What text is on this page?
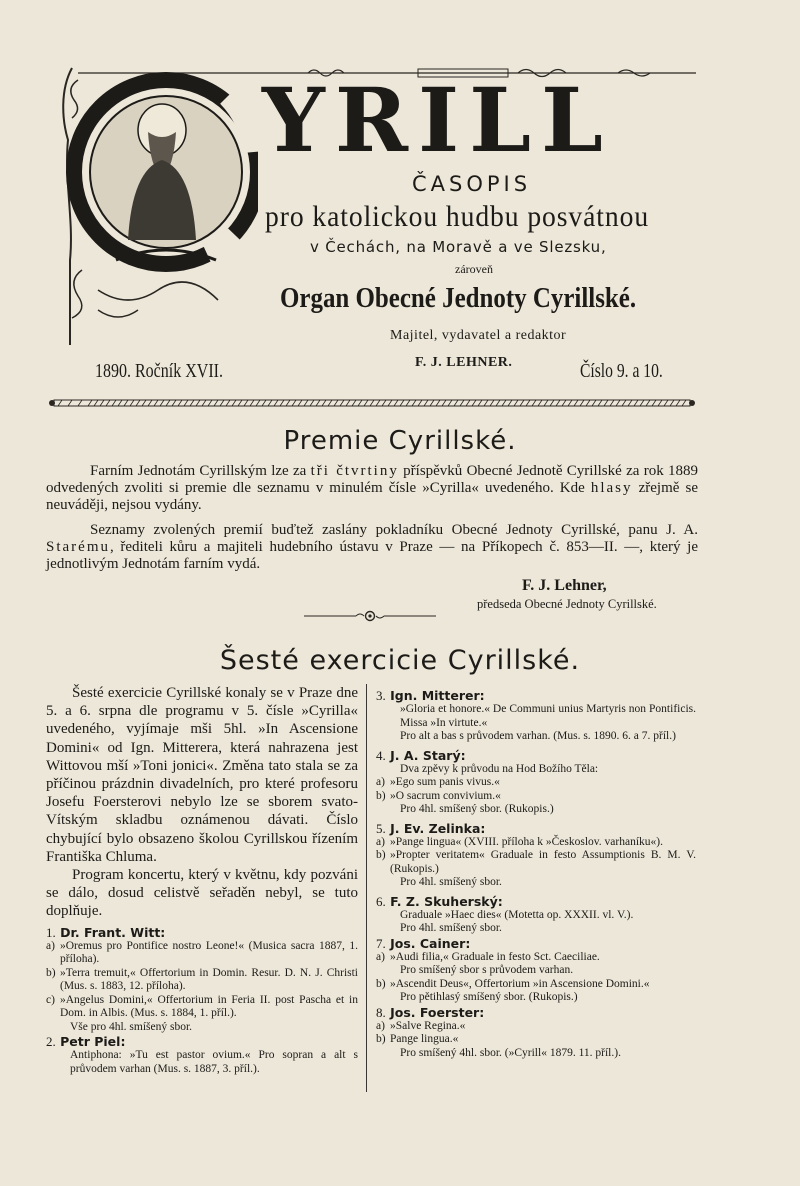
YRILL
ČASOPIS
pro katolickou hudbu posvátnou
v Čechách, na Moravě a ve Slezsku,
zároveň
Organ Obecné Jednoty Cyrillské.
Majitel, vydavatel a redaktor
1890. Ročník XVII.	F. J. LEHNER.	Číslo 9. a 10.
Premie Cyrillské.

Farním Jednotám Cyrillským lze za tři čtvrtiny příspěvků Obecné Jednotě Cyrillské za rok 1889 odvedených zvoliti si premie dle seznamu v minulém čísle »Cyrilla« uvedeného. Kde hlasy zřejmě se neuváději, nejsou vydány.

Seznamy zvolených premií buďtež zaslány pokladníku Obecné Jednoty Cyrillské, panu J. A. Starému, řediteli kůru a majiteli hudebního ústavu v Praze — na Příkopech č. 853—II. —, který je jednotlivým Jednotám farním vydá.

F. J. Lehner,
předseda Obecné Jednoty Cyrillské.
Šesté exercicie Cyrillské.

Šesté exercicie Cyrillské konaly se v Praze dne 5. a 6. srpna dle programu v 5. čísle »Cyrilla« uvedeného, vyjímaje mši 5hl. »In Ascensione Domini« od Ign. Mitterera, která nahrazena jest Wittovou mší »Toni jonici«. Změna tato stala se za příčinou prázdnin divadelních, pro které profesoru Josefu Foersterovi nebylo lze se sborem svato-Vítským skladbu oznámenou dávati. Číslo chybující bylo obsazeno školou Cyrillskou řízením Františka Chluma.

Program koncertu, který v květnu, kdy pozváni se dálo, dosud celistvě seřaděn nebyl, se tuto doplňuje.

1. Dr. Frant. Witt:
a) »Oremus pro Pontifice nostro Leone!« (Musica sacra 1887, 1. příloha).
b) »Terra tremuit,« Offertorium in Domin. Resur. D. N. J. Christi (Mus. s. 1883, 12. příloha).
c) »Angelus Domini,« Offertorium in Feria II. post Pascha et in Dom. in Albis. (Mus. s. 1884, 1. příl.).
Vše pro 4hl. smíšený sbor.
2. Petr Piel:
Antiphona: »Tu est pastor ovium.« Pro sopran a alt s průvodem varhan (Mus. s. 1887, 3. příl.).
3. Ign. Mitterer:
»Gloria et honore.« De Communi unius Martyris non Pontificis. Missa »In virtute.«
Pro alt a bas s průvodem varhan. (Mus. s. 1890. 6. a 7. příl.)
4. J. A. Starý:
Dva zpěvy k průvodu na Hod Božího Těla:
a) »Ego sum panis vivus.«
b) »O sacrum convivium.«
Pro 4hl. smíšený sbor. (Rukopis.)
5. J. Ev. Zelinka:
a) »Pange lingua« (XVIII. příloha k »Českoslov. varhaníku«).
b) »Propter veritatem« Graduale in festo Assumptionis B. M. V. (Rukopis.)
Pro 4hl. smíšený sbor.
6. F. Z. Skuherský:
Graduale »Haec dies« (Motetta op. XXXII. vl. V.).
Pro 4hl. smíšený sbor.
7. Jos. Cainer:
a) »Audi filia,« Graduale in festo Sct. Caeciliae.
Pro smíšený sbor s průvodem varhan.
b) »Ascendit Deus«, Offertorium »in Ascensione Domini.«
Pro pětihlasý smíšený sbor. (Rukopis.)
8. Jos. Foerster:
a) »Salve Regina.«
b) Pange lingua.«
Pro smíšený 4hl. sbor. (»Cyrill« 1879. 11. příl.).
